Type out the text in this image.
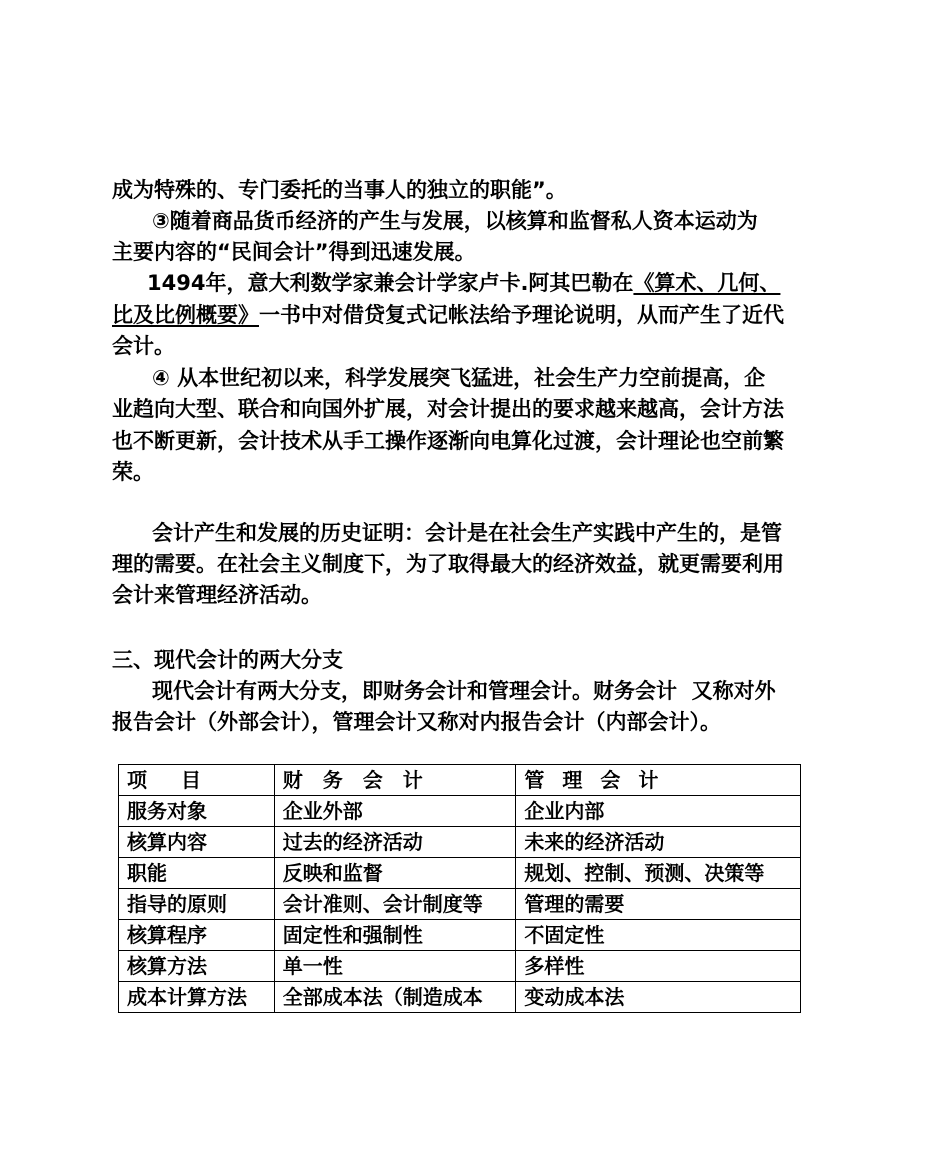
成为特殊的、专门委托的当事人的独立的职能”。

③随着商品货币经济的产生与发展，以核算和监督私人资本运动为

主要内容的“民间会计”得到迅速发展。

1494年，意大利数学家兼会计学家卢卡.阿其巴勒在《算术、几何、

比及比例概要》一书中对借贷复式记帐法给予理论说明，从而产生了近代

会计。

④ 从本世纪初以来，科学发展突飞猛进，社会生产力空前提高，企

业趋向大型、联合和向国外扩展，对会计提出的要求越来越高，会计方法

也不断更新，会计技术从手工操作逐渐向电算化过渡，会计理论也空前繁

荣。

会计产生和发展的历史证明：会计是在社会生产实践中产生的，是管

理的需要。在社会主义制度下，为了取得最大的经济效益，就更需要利用

会计来管理经济活动。

三、现代会计的两大分支

现代会计有两大分支，即财务会计和管理会计。财务会计  又称对外

报告会计（外部会计），管理会计又称对内报告会计（内部会计）。

项目	财务会计	管理会计
服务对象	企业外部	企业内部
核算内容	过去的经济活动	未来的经济活动
职能	反映和监督	规划、控制、预测、决策等
指导的原则	会计准则、会计制度等	管理的需要
核算程序	固定性和强制性	不固定性
核算方法	单一性	多样性
成本计算方法	全部成本法（制造成本	变动成本法
